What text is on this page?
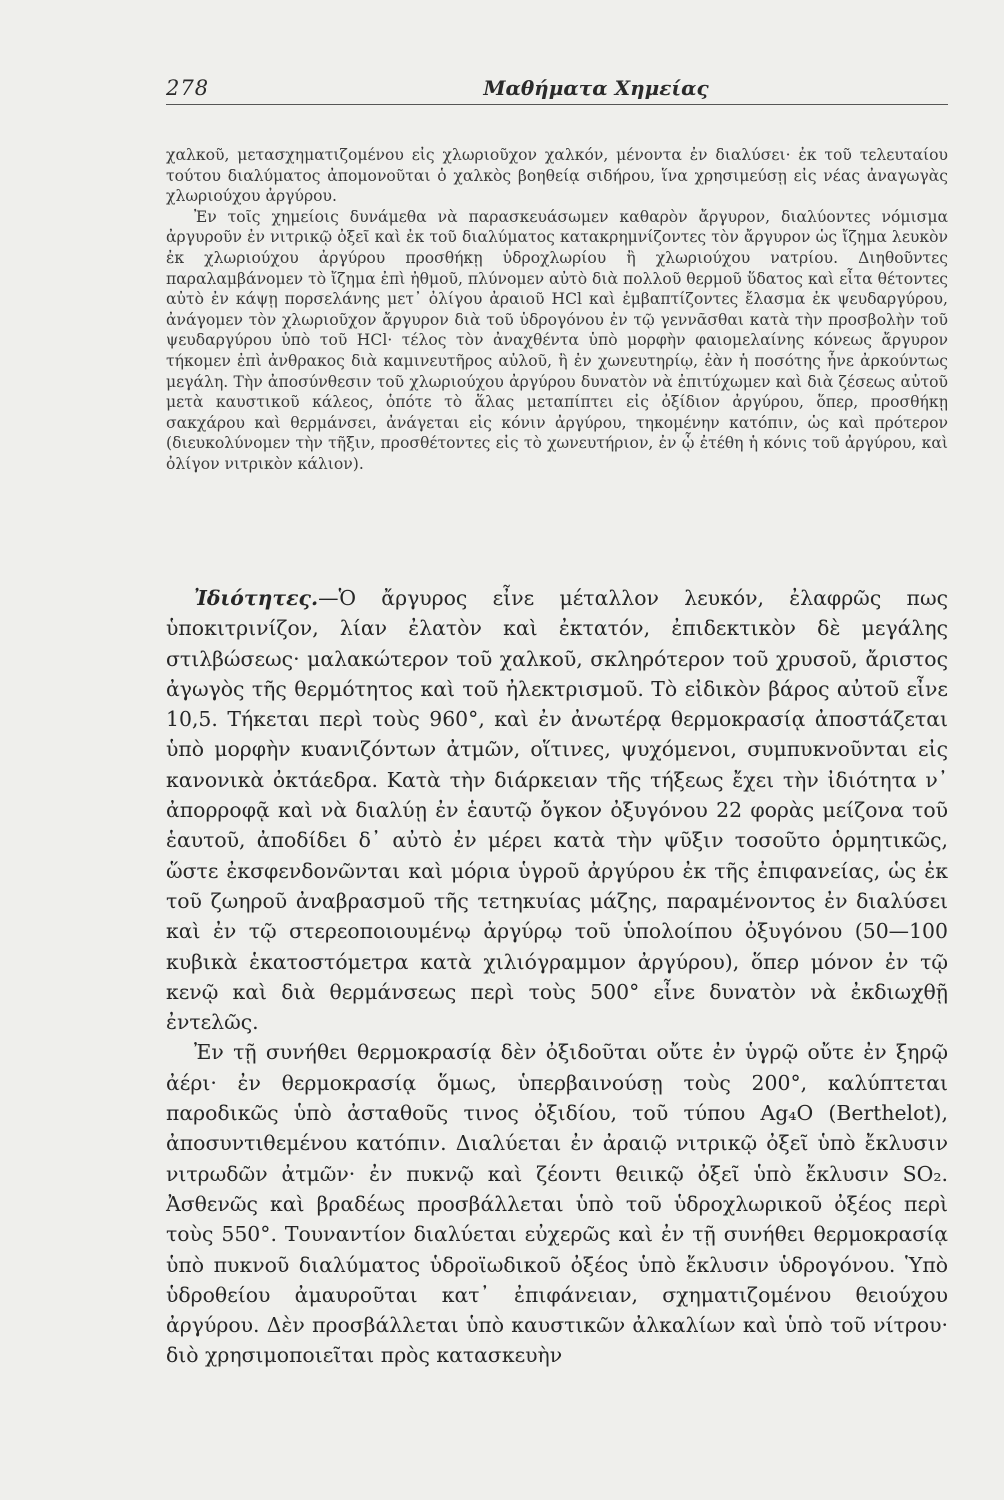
278	Μαθήματα Χημείας

χαλκοῦ, μετασχηματιζομένου εἰς χλωριοῦχον χαλκόν, μένοντα ἐν διαλύσει· ἐκ τοῦ τελευταίου τούτου διαλύματος ἀπομονοῦται ὁ χαλκὸς βοηθείᾳ σιδήρου, ἵνα χρησιμεύσῃ εἰς νέας ἀναγωγὰς χλωριούχου ἀργύρου.

Ἐν τοῖς χημείοις δυνάμεθα νὰ παρασκευάσωμεν καθαρὸν ἄργυρον, διαλύοντες νόμισμα ἀργυροῦν ἐν νιτρικῷ ὀξεῖ καὶ ἐκ τοῦ διαλύματος κατακρημνίζοντες τὸν ἄργυρον ὡς ἴζημα λευκὸν ἐκ χλωριούχου ἀργύρου προσθήκῃ ὑδροχλωρίου ἢ χλωριούχου νατρίου. Διηθοῦντες παραλαμβάνομεν τὸ ἴζημα ἐπὶ ἠθμοῦ, πλύνομεν αὐτὸ διὰ πολλοῦ θερμοῦ ὕδατος καὶ εἶτα θέτοντες αὐτὸ ἐν κάψῃ πορσελάνης μετ᾽ ὀλίγου ἀραιοῦ HCl καὶ ἐμβαπτίζοντες ἔλασμα ἐκ ψευδαργύρου, ἀνάγομεν τὸν χλωριοῦχον ἄργυρον διὰ τοῦ ὑδρογόνου ἐν τῷ γεννᾶσθαι κατὰ τὴν προσβολὴν τοῦ ψευδαργύρου ὑπὸ τοῦ HCl· τέλος τὸν ἀναχθέντα ὑπὸ μορφὴν φαιομελαίνης κόνεως ἄργυρον τήκομεν ἐπὶ ἀνθρακος διὰ καμινευτῆρος αὐλοῦ, ἢ ἐν χωνευτηρίῳ, ἐὰν ἡ ποσότης ἦνε ἀρκούντως μεγάλη. Τὴν ἀποσύνθεσιν τοῦ χλωριούχου ἀργύρου δυνατὸν νὰ ἐπιτύχωμεν καὶ διὰ ζέσεως αὐτοῦ μετὰ καυστικοῦ κάλεος, ὁπότε τὸ ἅλας μεταπίπτει εἰς ὀξίδιον ἀργύρου, ὅπερ, προσθήκῃ σακχάρου καὶ θερμάνσει, ἀνάγεται εἰς κόνιν ἀργύρου, τηκομένην κατόπιν, ὡς καὶ πρότερον (διευκολύνομεν τὴν τῆξιν, προσθέτοντες εἰς τὸ χωνευτήριον, ἐν ᾧ ἐτέθη ἡ κόνις τοῦ ἀργύρου, καὶ ὀλίγον νιτρικὸν κάλιον).

Ἰδιότητες.—Ὁ ἄργυρος εἶνε μέταλλον λευκόν, ἐλαφρῶς πως ὑποκιτρινίζον, λίαν ἐλατὸν καὶ ἐκτατόν, ἐπιδεκτικὸν δὲ μεγάλης στιλβώσεως· μαλακώτερον τοῦ χαλκοῦ, σκληρότερον τοῦ χρυσοῦ, ἄριστος ἀγωγὸς τῆς θερμότητος καὶ τοῦ ἠλεκτρισμοῦ. Τὸ εἰδικὸν βάρος αὐτοῦ εἶνε 10,5. Τήκεται περὶ τοὺς 960°, καὶ ἐν ἀνωτέρᾳ θερμοκρασίᾳ ἀποστάζεται ὑπὸ μορφὴν κυανιζόντων ἀτμῶν, οἵτινες, ψυχόμενοι, συμπυκνοῦνται εἰς κανονικὰ ὀκτάεδρα. Κατὰ τὴν διάρκειαν τῆς τήξεως ἔχει τὴν ἰδιότητα ν᾽ ἀπορροφᾷ καὶ νὰ διαλύῃ ἐν ἑαυτῷ ὄγκον ὀξυγόνου 22 φορὰς μείζονα τοῦ ἑαυτοῦ, ἀποδίδει δ᾽ αὐτὸ ἐν μέρει κατὰ τὴν ψῦξιν τοσοῦτο ὁρμητικῶς, ὥστε ἐκσφενδονῶνται καὶ μόρια ὑγροῦ ἀργύρου ἐκ τῆς ἐπιφανείας, ὡς ἐκ τοῦ ζωηροῦ ἀναβρασμοῦ τῆς τετηκυίας μάζης, παραμένοντος ἐν διαλύσει καὶ ἐν τῷ στερεοποιουμένῳ ἀργύρῳ τοῦ ὑπολοίπου ὀξυγόνου (50—100 κυβικὰ ἑκατοστόμετρα κατὰ χιλιόγραμμον ἀργύρου), ὅπερ μόνον ἐν τῷ κενῷ καὶ διὰ θερμάνσεως περὶ τοὺς 500° εἶνε δυνατὸν νὰ ἐκδιωχθῇ ἐντελῶς.

Ἐν τῇ συνήθει θερμοκρασίᾳ δὲν ὀξιδοῦται οὔτε ἐν ὑγρῷ οὔτε ἐν ξηρῷ ἀέρι· ἐν θερμοκρασίᾳ ὅμως, ὑπερβαινούσῃ τοὺς 200°, καλύπτεται παροδικῶς ὑπὸ ἀσταθοῦς τινος ὀξιδίου, τοῦ τύπου Ag₄O (Berthelot), ἀποσυντιθεμένου κατόπιν. Διαλύεται ἐν ἀραιῷ νιτρικῷ ὀξεῖ ὑπὸ ἔκλυσιν νιτρωδῶν ἀτμῶν· ἐν πυκνῷ καὶ ζέοντι θειικῷ ὀξεῖ ὑπὸ ἔκλυσιν SO₂. Ἀσθενῶς καὶ βραδέως προσβάλλεται ὑπὸ τοῦ ὑδροχλωρικοῦ ὀξέος περὶ τοὺς 550°. Τουναντίον διαλύεται εὐχερῶς καὶ ἐν τῇ συνήθει θερμοκρασίᾳ ὑπὸ πυκνοῦ διαλύματος ὑδροϊωδικοῦ ὀξέος ὑπὸ ἔκλυσιν ὑδρογόνου. Ὑπὸ ὑδροθείου ἀμαυροῦται κατ᾽ ἐπιφάνειαν, σχηματιζομένου θειούχου ἀργύρου. Δὲν προσβάλλεται ὑπὸ καυστικῶν ἀλκαλίων καὶ ὑπὸ τοῦ νίτρου· διὸ χρησιμοποιεῖται πρὸς κατασκευὴν
